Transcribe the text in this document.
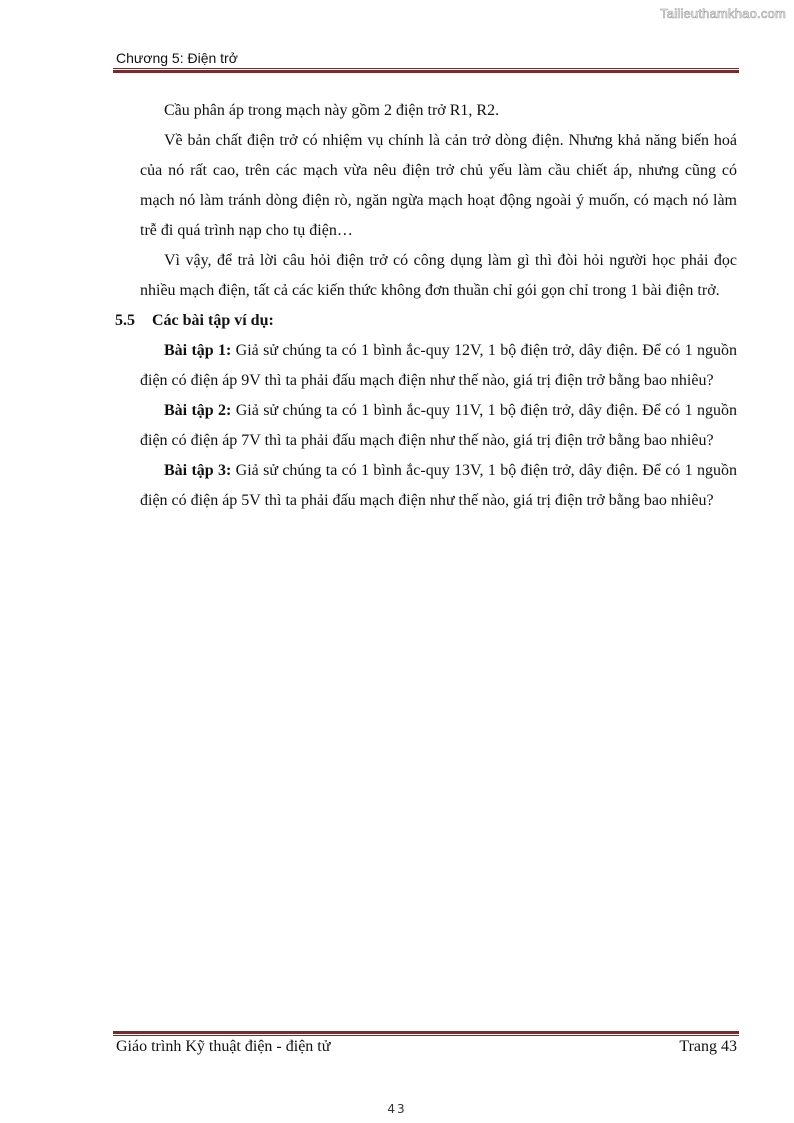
Tailieuthamkhao.com
Chương 5: Điện trở

Cầu phân áp trong mạch này gồm 2 điện trở R1, R2.

Về bản chất điện trở có nhiệm vụ chính là cản trở dòng điện. Nhưng khả năng biến hoá của nó rất cao, trên các mạch vừa nêu điện trở chủ yếu làm cầu chiết áp, nhưng cũng có mạch nó làm tránh dòng điện rò, ngăn ngừa mạch hoạt động ngoài ý muốn, có mạch nó làm trễ đi quá trình nạp cho tụ điện…

Vì vậy, để trả lời câu hỏi điện trở có công dụng làm gì thì đòi hỏi người học phải đọc nhiều mạch điện, tất cả các kiến thức không đơn thuần chỉ gói gọn chỉ trong 1 bài điện trở.

5.5 Các bài tập ví dụ:

Bài tập 1: Giả sử chúng ta có 1 bình ắc-quy 12V, 1 bộ điện trở, dây điện. Để có 1 nguồn điện có điện áp 9V thì ta phải đấu mạch điện như thế nào, giá trị điện trở bằng bao nhiêu?

Bài tập 2: Giả sử chúng ta có 1 bình ắc-quy 11V, 1 bộ điện trở, dây điện. Để có 1 nguồn điện có điện áp 7V thì ta phải đấu mạch điện như thế nào, giá trị điện trở bằng bao nhiêu?

Bài tập 3: Giả sử chúng ta có 1 bình ắc-quy 13V, 1 bộ điện trở, dây điện. Để có 1 nguồn điện có điện áp 5V thì ta phải đấu mạch điện như thế nào, giá trị điện trở bằng bao nhiêu?

Giáo trình Kỹ thuật điện - điện tử	Trang 43
43
